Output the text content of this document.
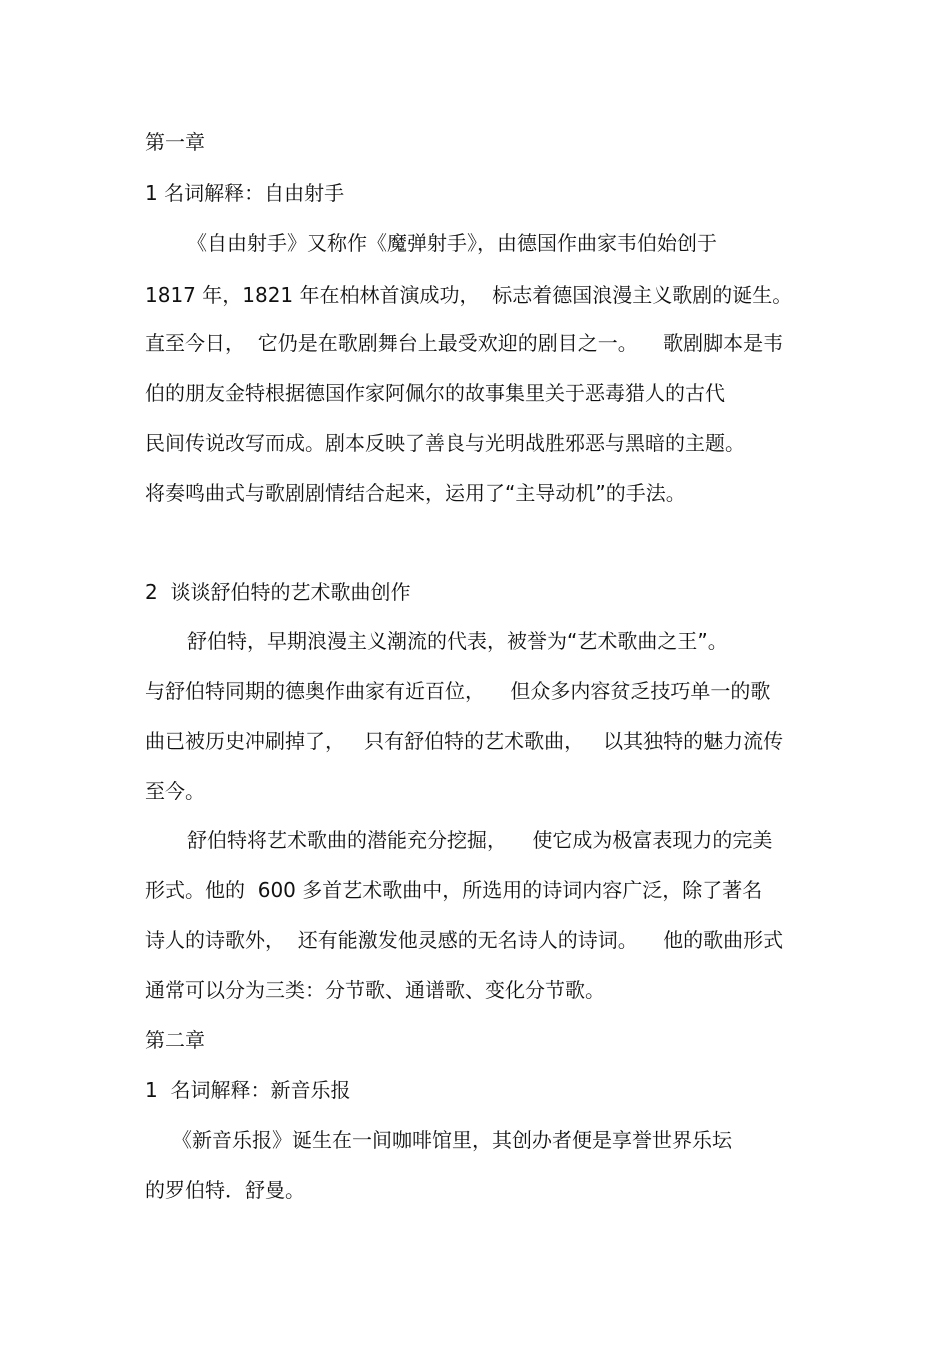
第一章
1 名词解释：自由射手
《自由射手》又称作《魔弹射手》，由德国作曲家韦伯始创于
1817 年，1821 年在柏林首演成功，  标志着德国浪漫主义歌剧的诞生。
直至今日，  它仍是在歌剧舞台上最受欢迎的剧目之一。    歌剧脚本是韦
伯的朋友金特根据德国作家阿佩尔的故事集里关于恶毒猎人的古代
民间传说改写而成。剧本反映了善良与光明战胜邪恶与黑暗的主题。
将奏鸣曲式与歌剧剧情结合起来，运用了“主导动机”的手法。
2  谈谈舒伯特的艺术歌曲创作
舒伯特，早期浪漫主义潮流的代表，被誉为“艺术歌曲之王”。
与舒伯特同期的德奥作曲家有近百位，    但众多内容贫乏技巧单一的歌
曲已被历史冲刷掉了，   只有舒伯特的艺术歌曲，   以其独特的魅力流传
至今。
舒伯特将艺术歌曲的潜能充分挖掘，    使它成为极富表现力的完美
形式。他的  600 多首艺术歌曲中，所选用的诗词内容广泛，除了著名
诗人的诗歌外，  还有能激发他灵感的无名诗人的诗词。    他的歌曲形式
通常可以分为三类：分节歌、通谱歌、变化分节歌。
第二章
1  名词解释：新音乐报
《新音乐报》诞生在一间咖啡馆里，其创办者便是享誉世界乐坛
的罗伯特．舒曼。
